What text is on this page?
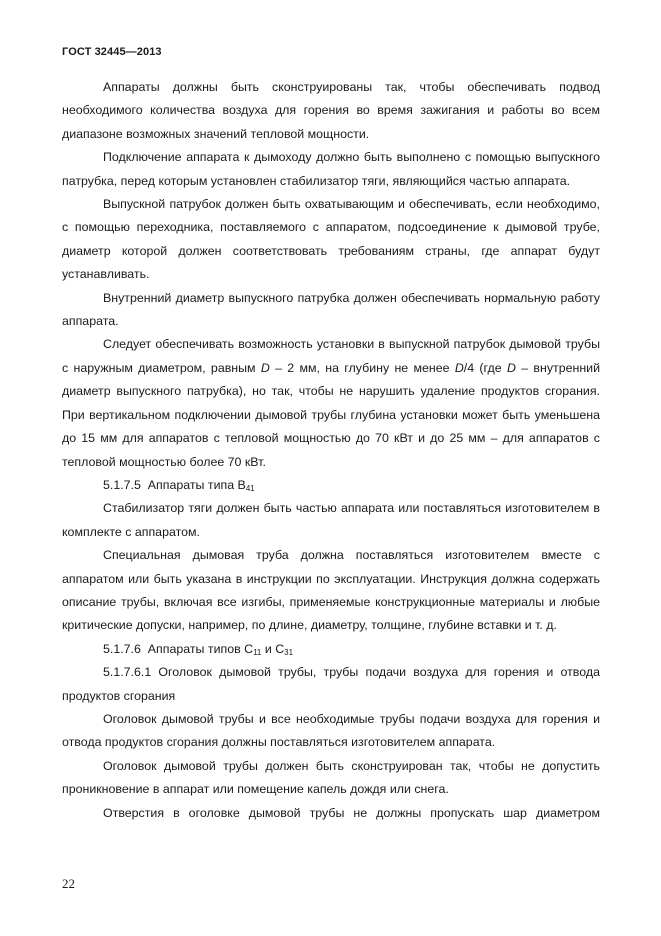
ГОСТ 32445—2013

Аппараты должны быть сконструированы так, чтобы обеспечивать подвод необходимого количества воздуха для горения во время зажигания и работы во всем диапазоне возможных значений тепловой мощности.

Подключение аппарата к дымоходу должно быть выполнено с помощью выпускного патрубка, перед которым установлен стабилизатор тяги, являющийся частью аппарата.

Выпускной патрубок должен быть охватывающим и обеспечивать, если необходимо, с помощью переходника, поставляемого с аппаратом, подсоединение к дымовой трубе, диаметр которой должен соответствовать требованиям страны, где аппарат будут устанавливать.

Внутренний диаметр выпускного патрубка должен обеспечивать нормальную работу аппарата.

Следует обеспечивать возможность установки в выпускной патрубок дымовой трубы с наружным диаметром, равным D – 2 мм, на глубину не менее D/4 (где D – внутренний диаметр выпускного патрубка), но так, чтобы не нарушить удаление продуктов сгорания. При вертикальном подключении дымовой трубы глубина установки может быть уменьшена до 15 мм для аппаратов с тепловой мощностью до 70 кВт и до 25 мм – для аппаратов с тепловой мощностью более 70 кВт.

5.1.7.5 Аппараты типа $B_{41}$

Стабилизатор тяги должен быть частью аппарата или поставляться изготовителем в комплекте с аппаратом.

Специальная дымовая труба должна поставляться изготовителем вместе с аппаратом или быть указана в инструкции по эксплуатации. Инструкция должна содержать описание трубы, включая все изгибы, применяемые конструкционные материалы и любые критические допуски, например, по длине, диаметру, толщине, глубине вставки и т. д.

5.1.7.6 Аппараты типов $C_{11}$ и $C_{31}$

5.1.7.6.1 Оголовок дымовой трубы, трубы подачи воздуха для горения и отвода продуктов сгорания

Оголовок дымовой трубы и все необходимые трубы подачи воздуха для горения и отвода продуктов сгорания должны поставляться изготовителем аппарата.

Оголовок дымовой трубы должен быть сконструирован так, чтобы не допустить проникновение в аппарат или помещение капель дождя или снега.

Отверстия в оголовке дымовой трубы не должны пропускать шар диаметром

22
